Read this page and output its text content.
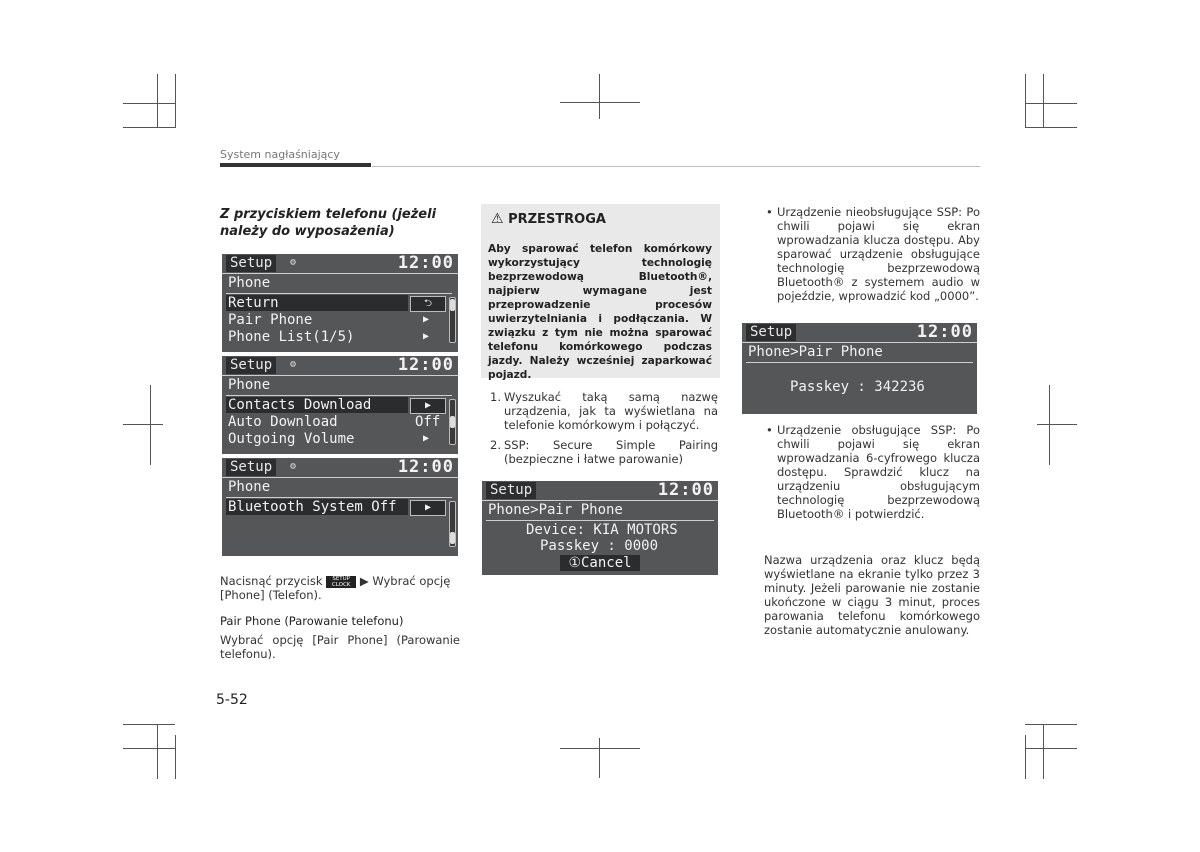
System nagłaśniający
Z przyciskiem telefonu (jeżeli należy do wyposażenia)
Setup	⚙	12:00
Phone
Return	⮌
Pair Phone	▶
Phone List(1/5)	▶
Setup	⚙	12:00
Phone
Contacts Download	▶
Auto Download	Off
Outgoing Volume	▶
Setup	⚙	12:00
Phone
Bluetooth System Off	▶
Nacisnąć przycisk SETUP
CLOCK ▶ Wybrać opcję
[Phone] (Telefon).
Pair Phone (Parowanie telefonu)
Wybrać opcję [Pair Phone] (Parowanie telefonu).
⚠ PRZESTROGA
Aby sparować telefon komórkowy wykorzystujący technologię bezprzewodową Bluetooth®, najpierw wymagane jest przeprowadzenie procesów uwierzytelniania i podłączania. W związku z tym nie można sparować telefonu komórkowego podczas jazdy. Należy wcześniej zaparkować pojazd.
1. Wyszukać taką samą nazwę urządzenia, jak ta wyświetlana na telefonie komórkowym i połączyć.
2. SSP: Secure Simple Pairing (bezpieczne i łatwe parowanie)
Setup	12:00
Phone>Pair Phone
Device: KIA MOTORS
Passkey : 0000
①Cancel
• Urządzenie nieobsługujące SSP: Po chwili pojawi się ekran wprowadzania klucza dostępu. Aby sparować urządzenie obsługujące technologię bezprzewodową Bluetooth® z systemem audio w pojeździe, wprowadzić kod „0000”.
Setup	12:00
Phone>Pair Phone
Passkey : 342236
• Urządzenie obsługujące SSP: Po chwili pojawi się ekran wprowadzania 6-cyfrowego klucza dostępu. Sprawdzić klucz na urządzeniu obsługującym technologię bezprzewodową Bluetooth® i potwierdzić.
Nazwa urządzenia oraz klucz będą wyświetlane na ekranie tylko przez 3 minuty. Jeżeli parowanie nie zostanie ukończone w ciągu 3 minut, proces parowania telefonu komórkowego zostanie automatycznie anulowany.
5-52
